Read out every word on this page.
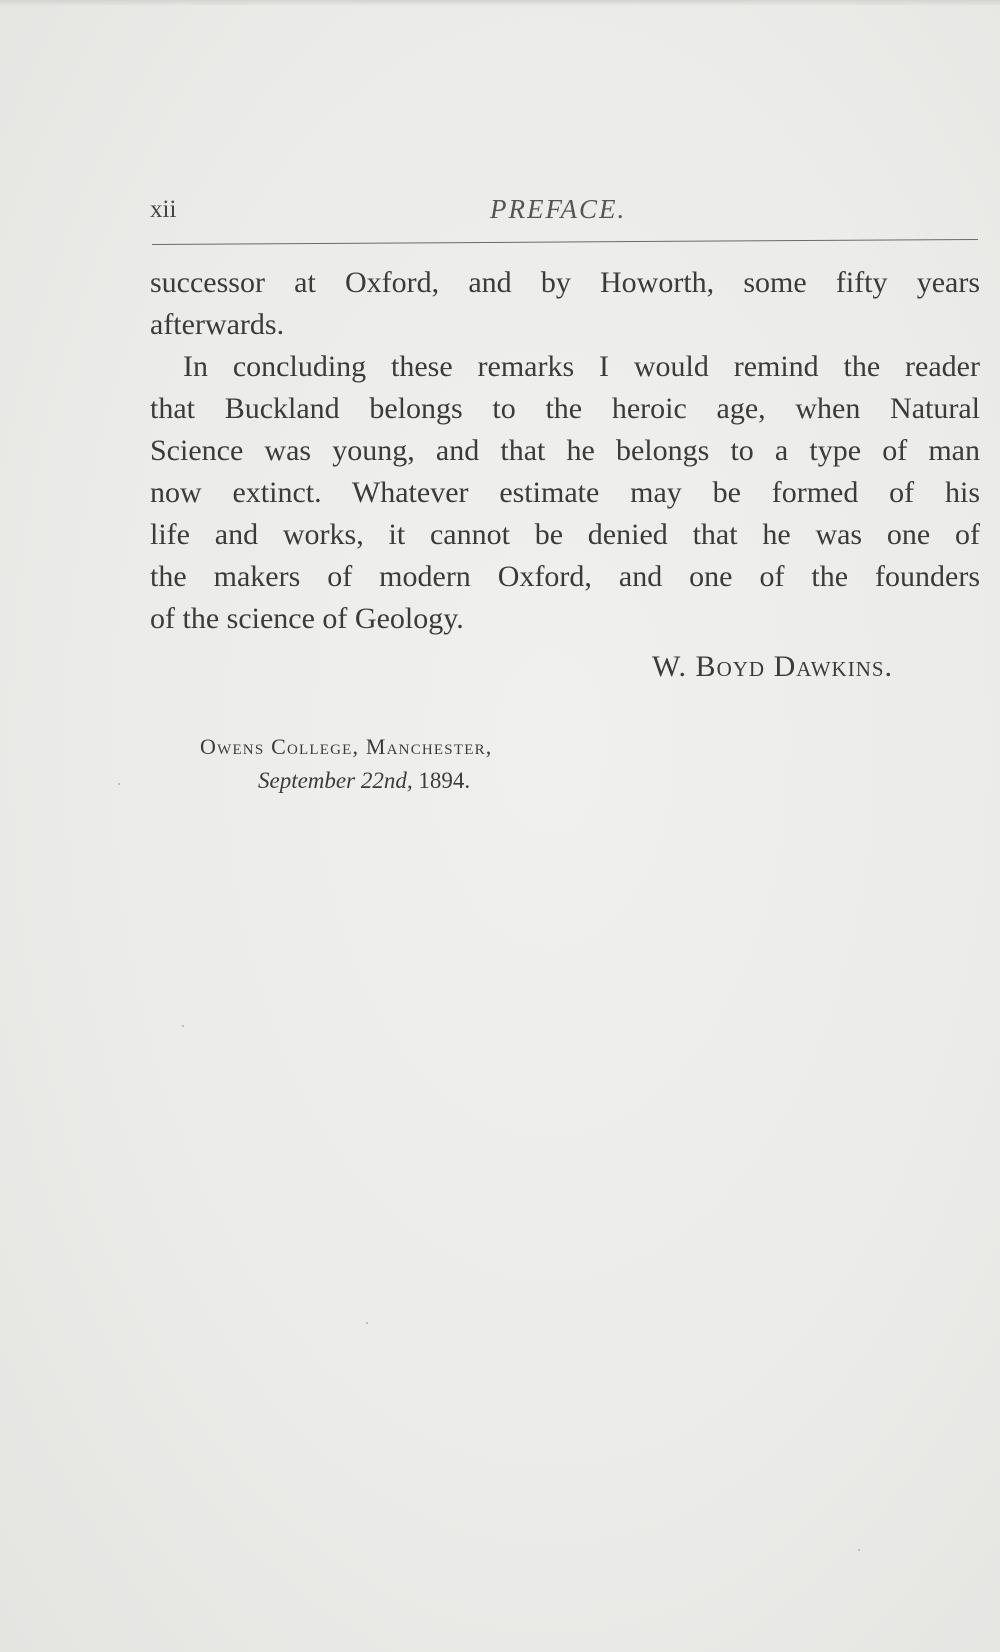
xii	PREFACE.
successor at Oxford, and by Howorth, some fifty years
afterwards.
In concluding these remarks I would remind the reader
that Buckland belongs to the heroic age, when Natural
Science was young, and that he belongs to a type of man
now extinct. Whatever estimate may be formed of his
life and works, it cannot be denied that he was one of
the makers of modern Oxford, and one of the founders
of the science of Geology.
W. Boyd Dawkins.
Owens College, Manchester,
September 22nd, 1894.
